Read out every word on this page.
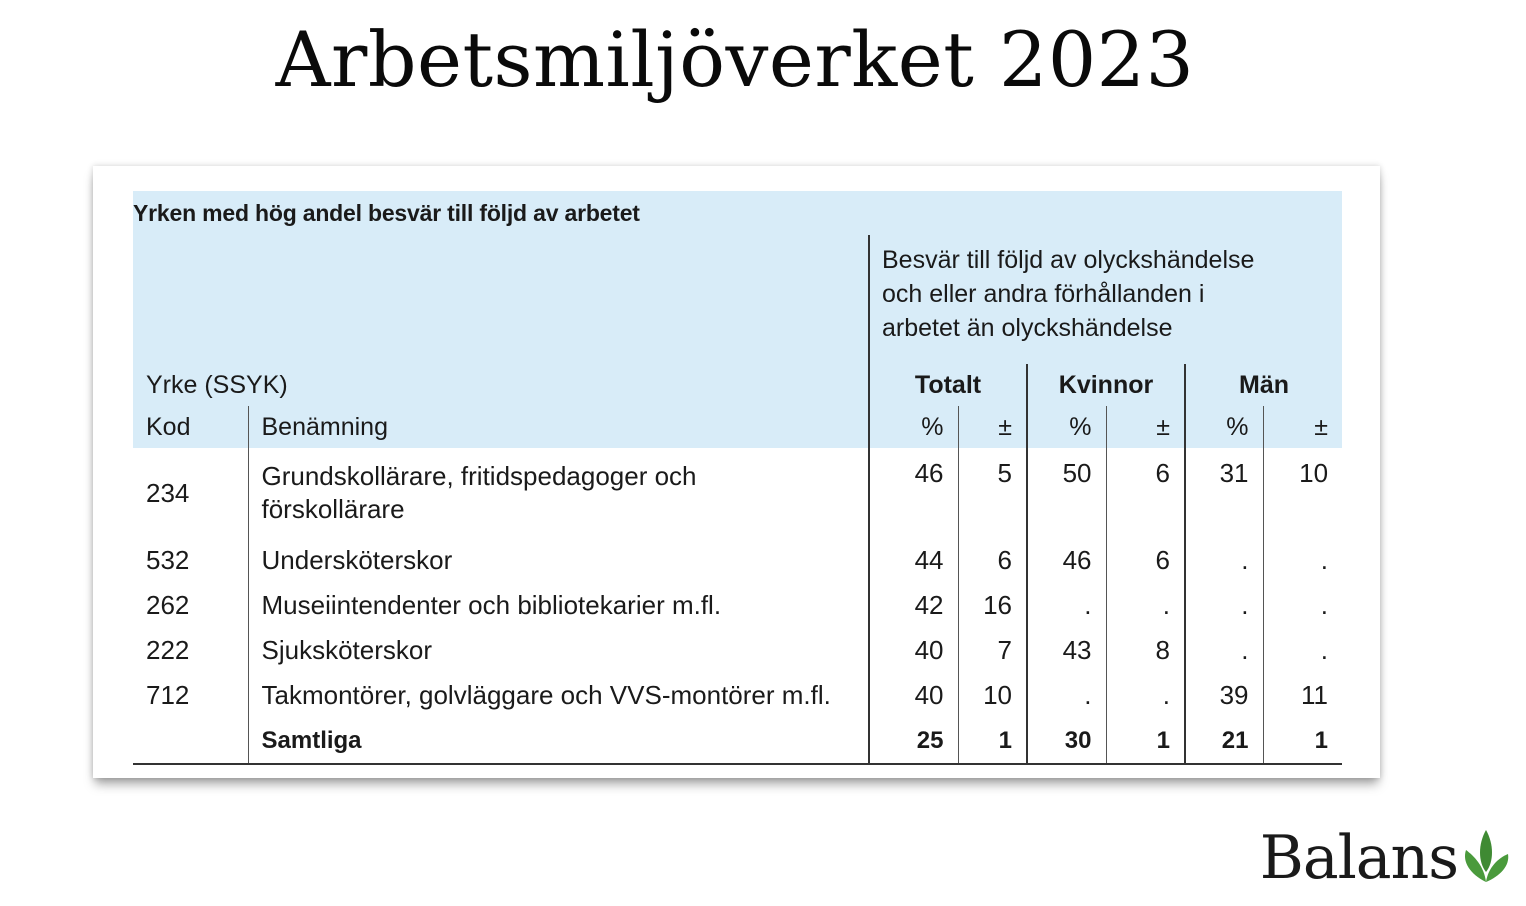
Arbetsmiljöverket 2023
Yrken med hög andel besvär till följd av arbetet							

		Besvär till följd av olyckshändelse
och eller andra förhållanden i
arbetet än olyckshändelse					

Yrke (SSYK)		Totalt		Kvinnor		Män	
Kod	Benämning	%	±	%	±	%	±
234	Grundskollärare, fritidspedagoger och
förskollärare	46	5	50	6	31	10
532	Undersköterskor	44	6	46	6	.	.
262	Museiintendenter och bibliotekarier m.fl.	42	16	.	.	.	.
222	Sjuksköterskor	40	7	43	8	.	.
712	Takmontörer, golvläggare och VVS-montörer m.fl.	40	10	.	.	39	11
	Samtliga	25	1	30	1	21	1
Balans
